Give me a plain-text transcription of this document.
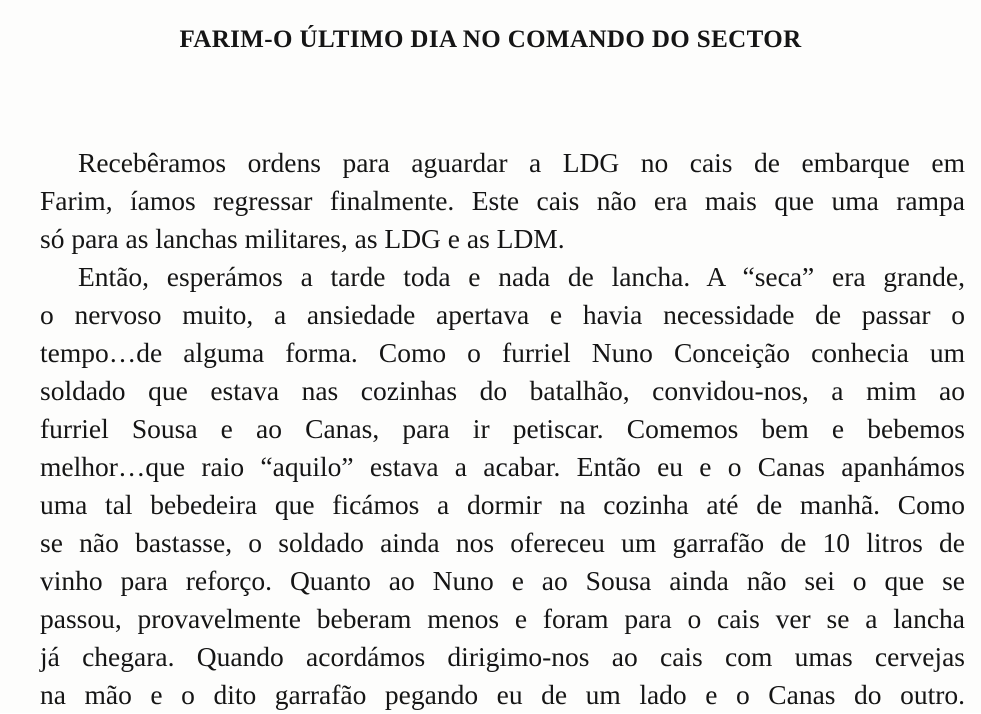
FARIM-O ÚLTIMO DIA NO COMANDO DO SECTOR
Recebêramos ordens para aguardar a LDG no cais de embarque em
Farim, íamos regressar finalmente. Este cais não era mais que uma rampa
só para as lanchas militares, as LDG e as LDM.
Então, esperámos a tarde toda e nada de lancha. A “seca” era grande,
o nervoso muito, a ansiedade apertava e havia necessidade de passar o
tempo…de alguma forma. Como o furriel Nuno Conceição conhecia um
soldado que estava nas cozinhas do batalhão, convidou-nos, a mim ao
furriel Sousa e ao Canas, para ir petiscar. Comemos bem e bebemos
melhor…que raio “aquilo” estava a acabar. Então eu e o Canas apanhámos
uma tal bebedeira que ficámos a dormir na cozinha até de manhã. Como
se não bastasse, o soldado ainda nos ofereceu um garrafão de 10 litros de
vinho para reforço. Quanto ao Nuno e ao Sousa ainda não sei o que se
passou, provavelmente beberam menos e foram para o cais ver se a lancha
já chegara. Quando acordámos dirigimo-nos ao cais com umas cervejas
na mão e o dito garrafão pegando eu de um lado e o Canas do outro.
